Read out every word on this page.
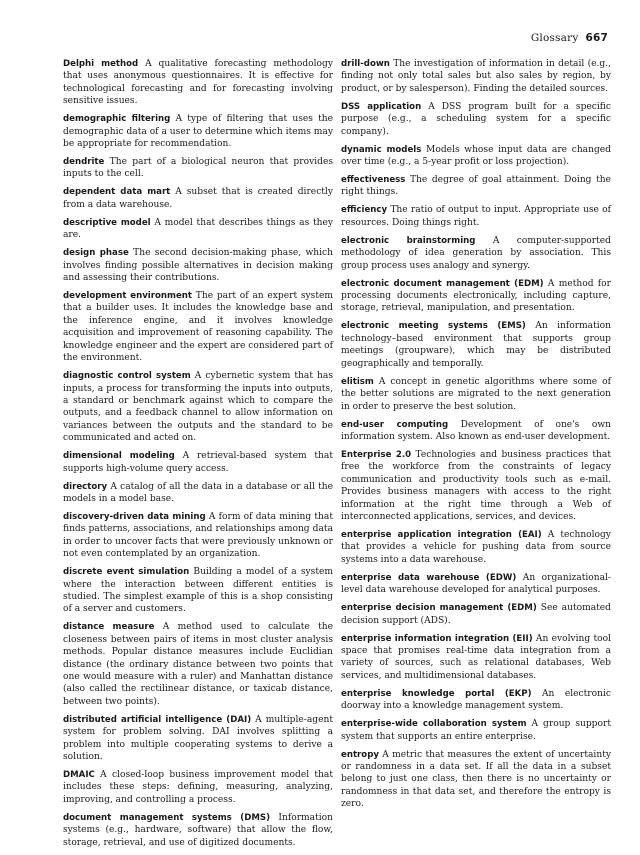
Glossary 667

Delphi method A qualitative forecasting methodology that uses anonymous questionnaires. It is effective for technological forecasting and for forecasting involving sensitive issues.

demographic filtering A type of filtering that uses the demographic data of a user to determine which items may be appropriate for recommendation.

dendrite The part of a biological neuron that provides inputs to the cell.

dependent data mart A subset that is created directly from a data warehouse.

descriptive model A model that describes things as they are.

design phase The second decision-making phase, which involves finding possible alternatives in decision making and assessing their contributions.

development environment The part of an expert system that a builder uses. It includes the knowledge base and the inference engine, and it involves knowledge acquisition and improvement of reasoning capability. The knowledge engineer and the expert are considered part of the environment.

diagnostic control system A cybernetic system that has inputs, a process for transforming the inputs into outputs, a standard or benchmark against which to compare the outputs, and a feedback channel to allow information on variances between the outputs and the standard to be communicated and acted on.

dimensional modeling A retrieval-based system that supports high-volume query access.

directory A catalog of all the data in a database or all the models in a model base.

discovery-driven data mining A form of data mining that finds patterns, associations, and relationships among data in order to uncover facts that were previously unknown or not even contemplated by an organization.

discrete event simulation Building a model of a system where the interaction between different entities is studied. The simplest example of this is a shop consisting of a server and customers.

distance measure A method used to calculate the closeness between pairs of items in most cluster analysis methods. Popular distance measures include Euclidian distance (the ordinary distance between two points that one would measure with a ruler) and Manhattan distance (also called the rectilinear distance, or taxicab distance, between two points).

distributed artificial intelligence (DAI) A multiple-agent system for problem solving. DAI involves splitting a problem into multiple cooperating systems to derive a solution.

DMAIC A closed-loop business improvement model that includes these steps: defining, measuring, analyzing, improving, and controlling a process.

document management systems (DMS) Information systems (e.g., hardware, software) that allow the flow, storage, retrieval, and use of digitized documents.

drill-down The investigation of information in detail (e.g., finding not only total sales but also sales by region, by product, or by salesperson). Finding the detailed sources.

DSS application A DSS program built for a specific purpose (e.g., a scheduling system for a specific company).

dynamic models Models whose input data are changed over time (e.g., a 5-year profit or loss projection).

effectiveness The degree of goal attainment. Doing the right things.

efficiency The ratio of output to input. Appropriate use of resources. Doing things right.

electronic brainstorming A computer-supported methodology of idea generation by association. This group process uses analogy and synergy.

electronic document management (EDM) A method for processing documents electronically, including capture, storage, retrieval, manipulation, and presentation.

electronic meeting systems (EMS) An information technology–based environment that supports group meetings (groupware), which may be distributed geographically and temporally.

elitism A concept in genetic algorithms where some of the better solutions are migrated to the next generation in order to preserve the best solution.

end-user computing Development of one's own information system. Also known as end-user development.

Enterprise 2.0 Technologies and business practices that free the workforce from the constraints of legacy communication and productivity tools such as e-mail. Provides business managers with access to the right information at the right time through a Web of interconnected applications, services, and devices.

enterprise application integration (EAI) A technology that provides a vehicle for pushing data from source systems into a data warehouse.

enterprise data warehouse (EDW) An organizational-level data warehouse developed for analytical purposes.

enterprise decision management (EDM) See automated decision support (ADS).

enterprise information integration (EII) An evolving tool space that promises real-time data integration from a variety of sources, such as relational databases, Web services, and multidimensional databases.

enterprise knowledge portal (EKP) An electronic doorway into a knowledge management system.

enterprise-wide collaboration system A group support system that supports an entire enterprise.

entropy A metric that measures the extent of uncertainty or randomness in a data set. If all the data in a subset belong to just one class, then there is no uncertainty or randomness in that data set, and therefore the entropy is zero.
